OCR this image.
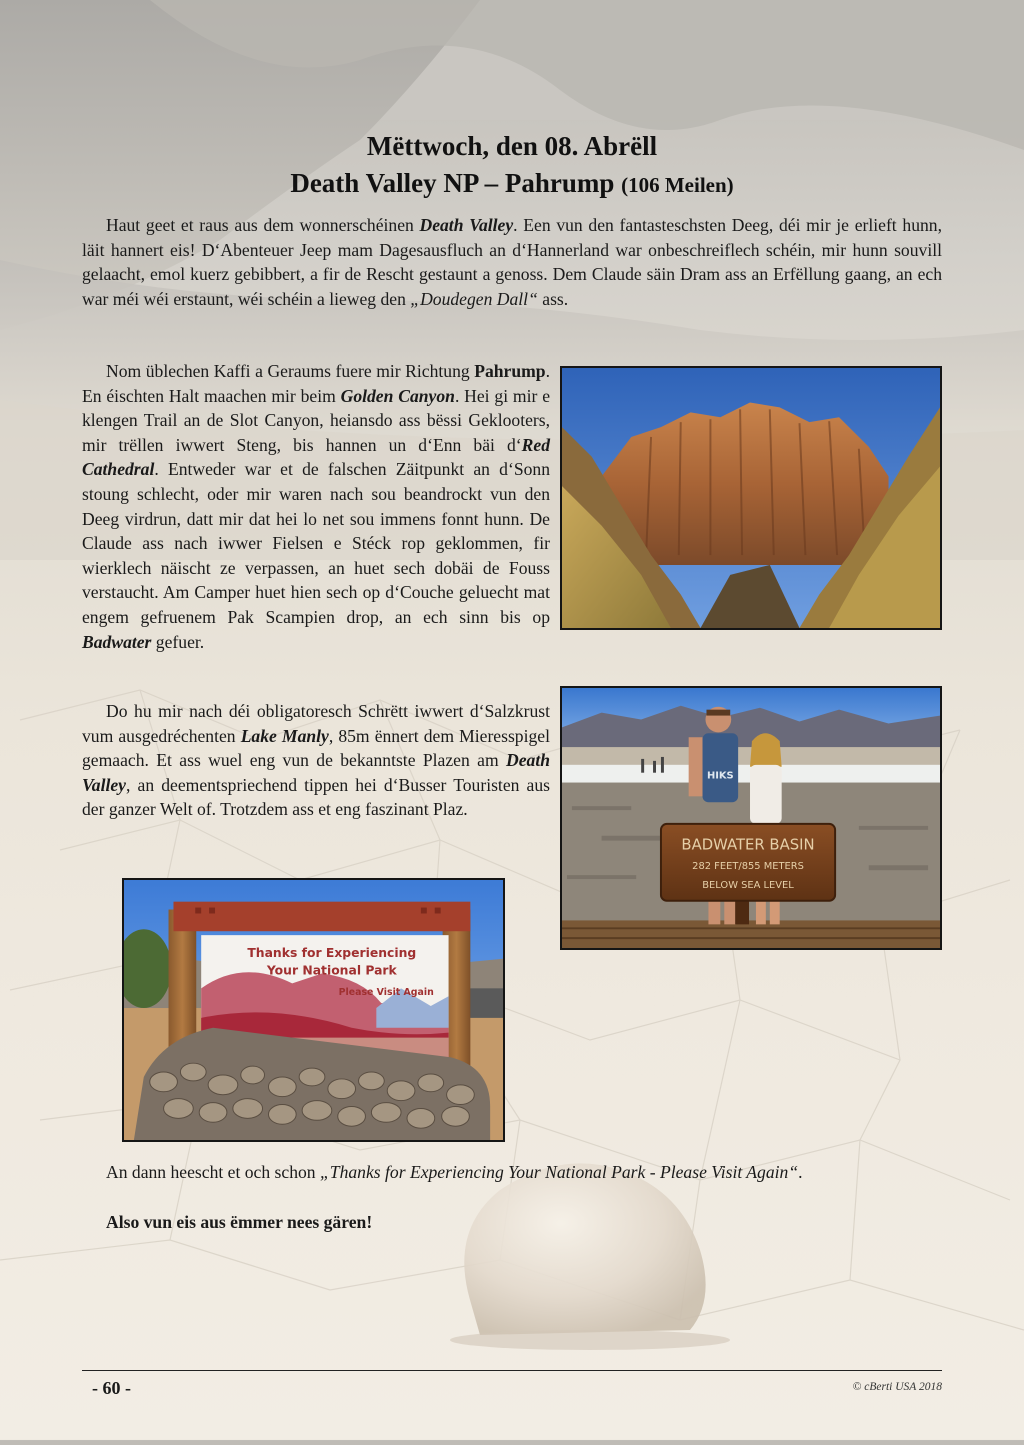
Mëttwoch, den 08. Abrëll
Death Valley NP – Pahrump (106 Meilen)

Haut geet et raus aus dem wonnerschéinen Death Valley. Een vun den fantasteschsten Deeg, déi mir je erlieft hunn, läit hannert eis! D‘Abenteuer Jeep mam Dagesausfluch an d‘Hannerland war onbeschreiflech schéin, mir hunn souvill gelaacht, emol kuerz gebibbert, a fir de Rescht gestaunt a genoss. Dem Claude säin Dram ass an Erfëllung gaang, an ech war méi wéi erstaunt, wéi schéin a lieweg den „Doudegen Dall“ ass.

Nom üblechen Kaffi a Geraums fuere mir Richtung Pahrump. En éischten Halt maachen mir beim Golden Canyon. Hei gi mir e klengen Trail an de Slot Canyon, heiansdo ass bëssi Geklooters, mir trëllen iwwert Steng, bis hannen un d‘Enn bäi d‘Red Cathedral. Entweder war et de falschen Zäitpunkt an d‘Sonn stoung schlecht, oder mir waren nach sou beandrockt vun den Deeg virdrun, datt mir dat hei lo net sou immens fonnt hunn. De Claude ass nach iwwer Fielsen e Stéck rop geklommen, fir wierklech näischt ze verpassen, an huet sech dobäi de Fouss verstaucht. Am Camper huet hien sech op d‘Couche geluecht mat engem gefruenem Pak Scampien drop, an ech sinn bis op Badwater gefuer.

Do hu mir nach déi obligatoresch Schrëtt iwwert d‘Salzkrust vum ausgedréchenten Lake Manly, 85m ënnert dem Mieresspigel gemaach. Et ass wuel eng vun de bekanntste Plazen am Death Valley, an deementspriechend tippen hei d‘Busser Touristen aus der ganzer Welt of. Trotzdem ass et eng faszinant Plaz.

HIKS
BADWATER BASIN
282 FEET/855 METERS
BELOW SEA LEVEL
Thanks for Experiencing
Your National Park
Please Visit Again
An dann heescht et och schon „Thanks for Experiencing Your National Park - Please Visit Again“.
Also vun eis aus ëmmer nees gären!
- 60 -	© cBerti USA 2018
